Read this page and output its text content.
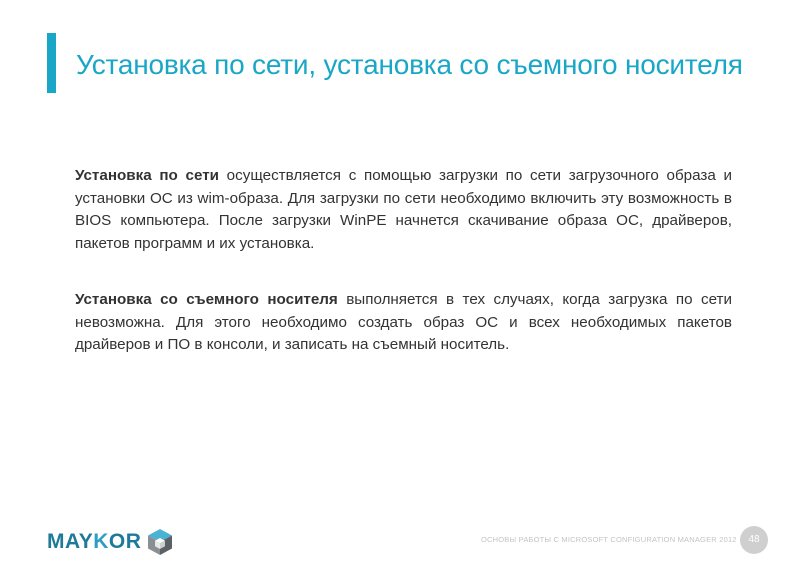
Установка по сети, установка со съемного носителя

Установка по сети осуществляется с помощью загрузки по сети загрузочного образа и установки ОС из wim-образа. Для загрузки по сети необходимо включить эту возможность в BIOS компьютера. После загрузки WinPE начнется скачивание образа ОС, драйверов, пакетов программ и их установка.

Установка со съемного носителя выполняется в тех случаях, когда загрузка по сети невозможна. Для этого необходимо создать образ ОС и всех необходимых пакетов драйверов и ПО в консоли, и записать на съемный носитель.

MAYKOR	ОСНОВЫ РАБОТЫ С MICROSOFT CONFIGURATION MANAGER 2012	48
